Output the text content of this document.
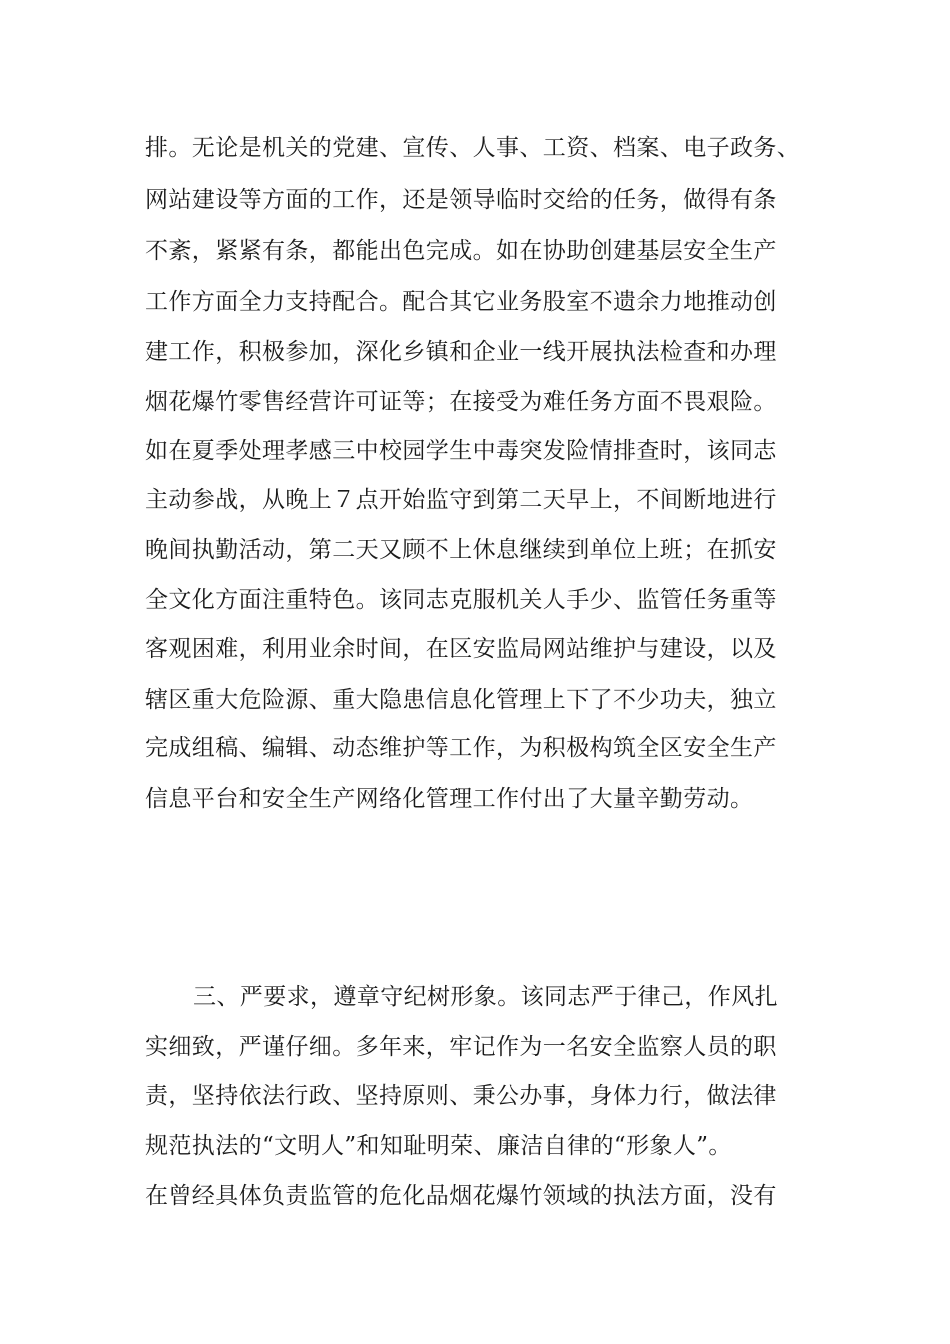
排。无论是机关的党建、宣传、人事、工资、档案、电子政务、
网站建设等方面的工作，还是领导临时交给的任务，做得有条
不紊，紧紧有条，都能出色完成。如在协助创建基层安全生产
工作方面全力支持配合。配合其它业务股室不遗余力地推动创
建工作，积极参加，深化乡镇和企业一线开展执法检查和办理
烟花爆竹零售经营许可证等；在接受为难任务方面不畏艰险。
如在夏季处理孝感三中校园学生中毒突发险情排查时，该同志
主动参战，从晚上７点开始监守到第二天早上，不间断地进行
晚间执勤活动，第二天又顾不上休息继续到单位上班；在抓安
全文化方面注重特色。该同志克服机关人手少、监管任务重等
客观困难，利用业余时间，在区安监局网站维护与建设，以及
辖区重大危险源、重大隐患信息化管理上下了不少功夫，独立
完成组稿、编辑、动态维护等工作，为积极构筑全区安全生产
信息平台和安全生产网络化管理工作付出了大量辛勤劳动。
三、严要求，遵章守纪树形象。该同志严于律己，作风扎
实细致，严谨仔细。多年来，牢记作为一名安全监察人员的职
责，坚持依法行政、坚持原则、秉公办事，身体力行，做法律
规范执法的“文明人”和知耻明荣、廉洁自律的“形象人”。
在曾经具体负责监管的危化品烟花爆竹领域的执法方面，没有
